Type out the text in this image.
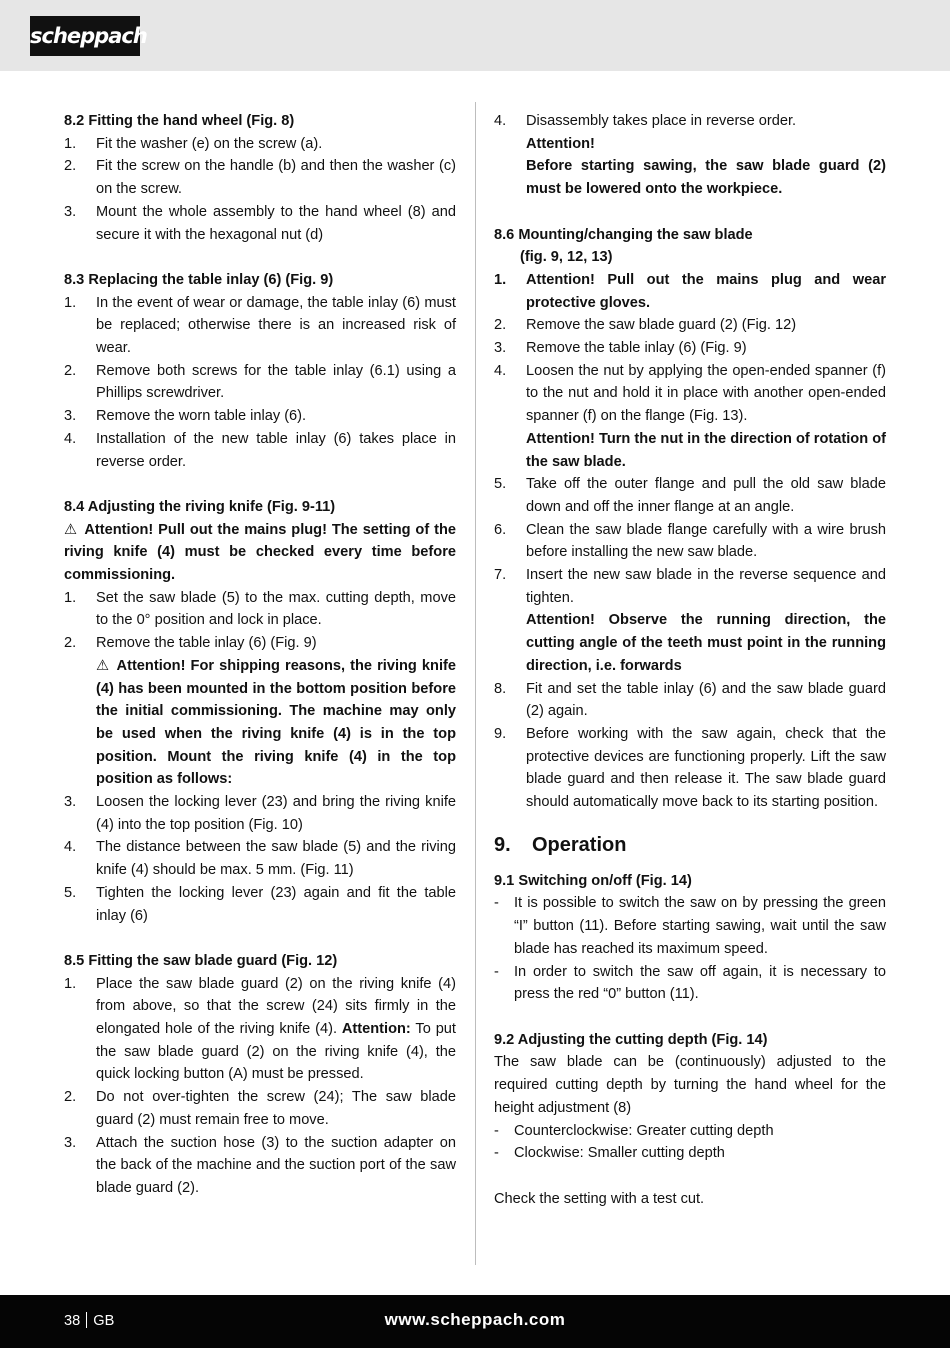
scheppach

8.2 Fitting the hand wheel (Fig. 8)

1. Fit the washer (e) on the screw (a).
2. Fit the screw on the handle (b) and then the washer (c) on the screw.
3. Mount the whole assembly to the hand wheel (8) and secure it with the hexagonal nut (d)

8.3 Replacing the table inlay (6) (Fig. 9)

1. In the event of wear or damage, the table inlay (6) must be replaced; otherwise there is an increased risk of wear.
2. Remove both screws for the table inlay (6.1) using a Phillips screwdriver.
3. Remove the worn table inlay (6).
4. Installation of the new table inlay (6) takes place in reverse order.

8.4 Adjusting the riving knife (Fig. 9-11)

⚠ Attention! Pull out the mains plug! The setting of the riving knife (4) must be checked every time before commissioning.

1. Set the saw blade (5) to the max. cutting depth, move to the 0° position and lock in place.
2. Remove the table inlay (6) (Fig. 9)
⚠ Attention! For shipping reasons, the riving knife (4) has been mounted in the bottom position before the initial commissioning. The machine may only be used when the riving knife (4) is in the top position. Mount the riving knife (4) in the top position as follows:
3. Loosen the locking lever (23) and bring the riving knife (4) into the top position (Fig. 10)
4. The distance between the saw blade (5) and the riving knife (4) should be max. 5 mm. (Fig. 11)
5. Tighten the locking lever (23) again and fit the table inlay (6)

8.5 Fitting the saw blade guard (Fig. 12)

1. Place the saw blade guard (2) on the riving knife (4) from above, so that the screw (24) sits firmly in the elongated hole of the riving knife (4). Attention: To put the saw blade guard (2) on the riving knife (4), the quick locking button (A) must be pressed.
2. Do not over-tighten the screw (24); The saw blade guard (2) must remain free to move.
3. Attach the suction hose (3) to the suction adapter on the back of the machine and the suction port of the saw blade guard (2).
4. Disassembly takes place in reverse order.
Attention!
Before starting sawing, the saw blade guard (2) must be lowered onto the workpiece.

8.6 Mounting/changing the saw blade

(fig. 9, 12, 13)

1. Attention! Pull out the mains plug and wear protective gloves.
2. Remove the saw blade guard (2) (Fig. 12)
3. Remove the table inlay (6) (Fig. 9)
4. Loosen the nut by applying the open-ended spanner (f) to the nut and hold it in place with another open-ended spanner (f) on the flange (Fig. 13).
Attention! Turn the nut in the direction of rotation of the saw blade.
5. Take off the outer flange and pull the old saw blade down and off the inner flange at an angle.
6. Clean the saw blade flange carefully with a wire brush before installing the new saw blade.
7. Insert the new saw blade in the reverse sequence and tighten.
Attention! Observe the running direction, the cutting angle of the teeth must point in the running direction, i.e. forwards
8. Fit and set the table inlay (6) and the saw blade guard (2) again.
9. Before working with the saw again, check that the protective devices are functioning properly. Lift the saw blade guard and then release it. The saw blade guard should automatically move back to its starting position.
9. Operation

9.1 Switching on/off (Fig. 14)

- It is possible to switch the saw on by pressing the green “I” button (11). Before starting sawing, wait until the saw blade has reached its maximum speed.
- In order to switch the saw off again, it is necessary to press the red “0” button (11).

9.2 Adjusting the cutting depth (Fig. 14)

The saw blade can be (continuously) adjusted to the required cutting depth by turning the hand wheel for the height adjustment (8)

- Counterclockwise: Greater cutting depth
- Clockwise: Smaller cutting depth

Check the setting with a test cut.

38 GB	www.scheppach.com
